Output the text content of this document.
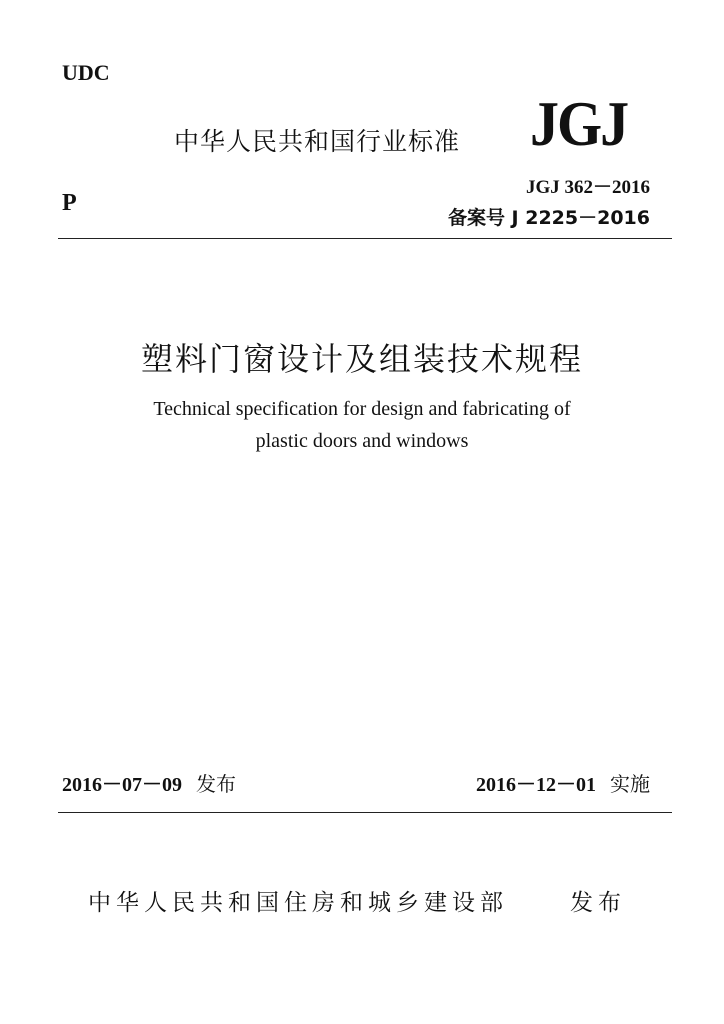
UDC
中华人民共和国行业标准 JGJ
P
JGJ 362－2016
备案号 J 2225－2016
塑料门窗设计及组装技术规程
Technical specification for design and fabricating of
plastic doors and windows
2016－07－09 发布	2016－12－01 实施
中华人民共和国住房和城乡建设部	发布
